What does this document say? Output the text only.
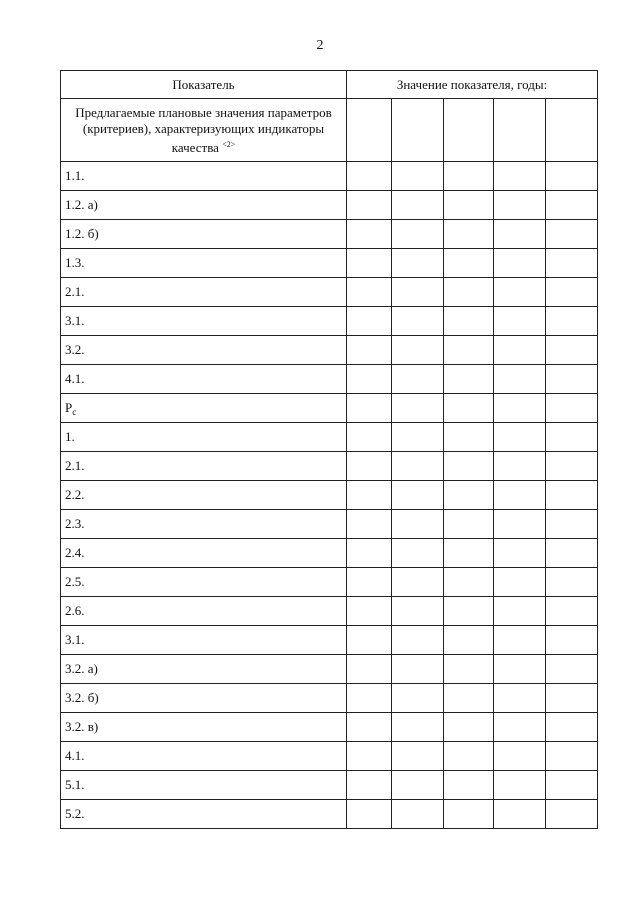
2
Показатель	Значение показателя, годы:				
Предлагаемые плановые значения параметров (критериев), характеризующих индикаторы качества $^{<2>}$					
1.1.					
1.2. а)					
1.2. б)					
1.3.					
2.1.					
3.1.					
3.2.					
4.1.					
$P_c$					
1.					
2.1.					
2.2.					
2.3.					
2.4.					
2.5.					
2.6.					
3.1.					
3.2. а)					
3.2. б)					
3.2. в)					
4.1.					
5.1.					
5.2.					
